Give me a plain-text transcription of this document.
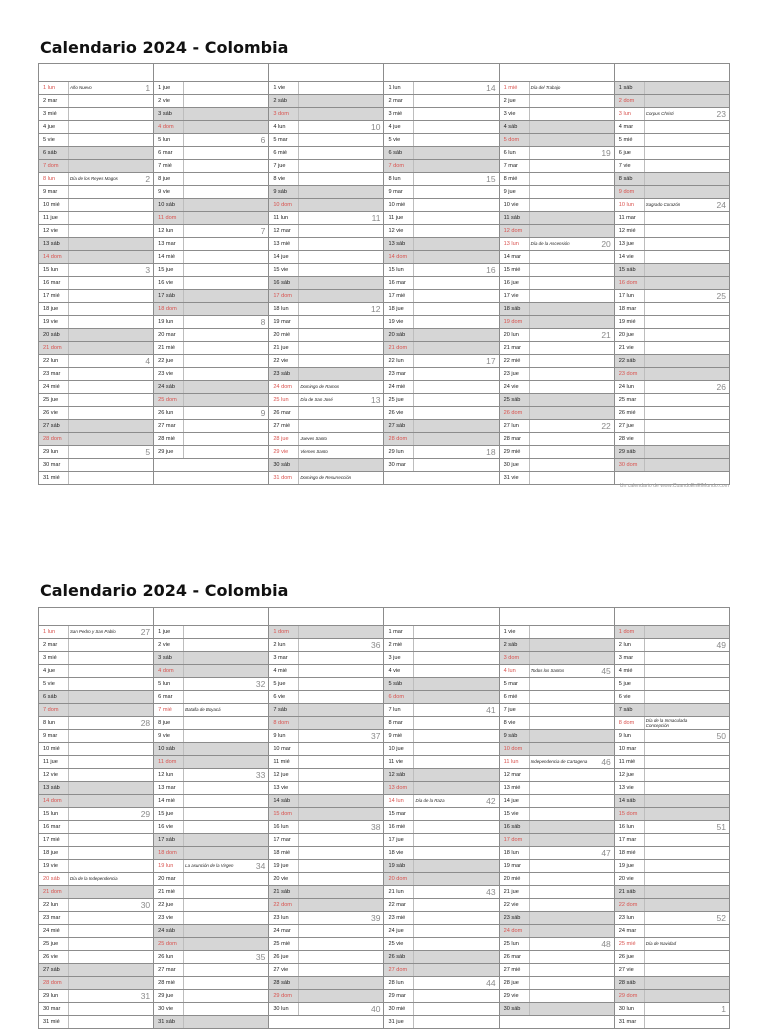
Calendario 2024 - Colombia

1 lun Año Nuevo 1	1 jue	1 vie	1 lun 14	1 mié Día del Trabajo	1 sáb

2 mar	2 vie	2 sáb	2 mar	2 jue	2 dom

3 mié	3 sáb	3 dom	3 mié	3 vie	3 lun Corpus Christi 23

4 jue	4 dom	4 lun 10	4 jue	4 sáb	4 mar

5 vie	5 lun 6	5 mar	5 vie	5 dom	5 mié

6 sáb	6 mar	6 mié	6 sáb	6 lun 19	6 jue

7 dom	7 mié	7 jue	7 dom	7 mar	7 vie

8 lun Día de los Reyes Magos 2	8 jue	8 vie	8 lun 15	8 mié	8 sáb

9 mar	9 vie	9 sáb	9 mar	9 jue	9 dom

10 mié	10 sáb	10 dom	10 mié	10 vie	10 lun Sagrado Corazón 24

11 jue	11 dom	11 lun 11	11 jue	11 sáb	11 mar

12 vie	12 lun 7	12 mar	12 vie	12 dom	12 mié

13 sáb	13 mar	13 mié	13 sáb	13 lun Día de la Ascensión 20	13 jue

14 dom	14 mié	14 jue	14 dom	14 mar	14 vie

15 lun 3	15 jue	15 vie	15 lun 16	15 mié	15 sáb

16 mar	16 vie	16 sáb	16 mar	16 jue	16 dom

17 mié	17 sáb	17 dom	17 mié	17 vie	17 lun 25

18 jue	18 dom	18 lun 12	18 jue	18 sáb	18 mar

19 vie	19 lun 8	19 mar	19 vie	19 dom	19 mié

20 sáb	20 mar	20 mié	20 sáb	20 lun 21	20 jue

21 dom	21 mié	21 jue	21 dom	21 mar	21 vie

22 lun 4	22 jue	22 vie	22 lun 17	22 mié	22 sáb

23 mar	23 vie	23 sáb	23 mar	23 jue	23 dom

24 mié	24 sáb	24 dom Domingo de Ramos	24 mié	24 vie	24 lun 26

25 jue	25 dom	25 lun Día de San José 13	25 jue	25 sáb	25 mar

26 vie	26 lun 9	26 mar	26 vie	26 dom	26 mié

27 sáb	27 mar	27 mié	27 sáb	27 lun 22	27 jue

28 dom	28 mié	28 jue Jueves Santo	28 dom	28 mar	28 vie

29 lun 5	29 jue	29 vie Viernes Santo	29 lun 18	29 mié	29 sáb

30 mar		30 sáb	30 mar	30 jue	30 dom

31 mié		31 dom Domingo de Resurrección		31 vie	

Un calendario de www.CuandoEnElMundo.com
Calendario 2024 - Colombia

1 lun San Pedro y San Pablo 27	1 jue	1 dom	1 mar	1 vie	1 dom

2 mar	2 vie	2 lun 36	2 mié	2 sáb	2 lun 49

3 mié	3 sáb	3 mar	3 jue	3 dom	3 mar

4 jue	4 dom	4 mié	4 vie	4 lun Todos los Santos 45	4 mié

5 vie	5 lun 32	5 jue	5 sáb	5 mar	5 jue

6 sáb	6 mar	6 vie	6 dom	6 mié	6 vie

7 dom	7 mié Batalla de Boyacá	7 sáb	7 lun 41	7 jue	7 sáb

8 lun 28	8 jue	8 dom	8 mar	8 vie	8 dom Día de la Inmaculada Concepción

9 mar	9 vie	9 lun 37	9 mié	9 sáb	9 lun 50

10 mié	10 sáb	10 mar	10 jue	10 dom	10 mar

11 jue	11 dom	11 mié	11 vie	11 lun Independencia de Cartagena 46	11 mié

12 vie	12 lun 33	12 jue	12 sáb	12 mar	12 jue

13 sáb	13 mar	13 vie	13 dom	13 mié	13 vie

14 dom	14 mié	14 sáb	14 lun Día de la Raza 42	14 jue	14 sáb

15 lun 29	15 jue	15 dom	15 mar	15 vie	15 dom

16 mar	16 vie	16 lun 38	16 mié	16 sáb	16 lun 51

17 mié	17 sáb	17 mar	17 jue	17 dom	17 mar

18 jue	18 dom	18 mié	18 vie	18 lun 47	18 mié

19 vie	19 lun La asunción de la Virgen 34	19 jue	19 sáb	19 mar	19 jue

20 sáb Día de la Independencia	20 mar	20 vie	20 dom	20 mié	20 vie

21 dom	21 mié	21 sáb	21 lun 43	21 jue	21 sáb

22 lun 30	22 jue	22 dom	22 mar	22 vie	22 dom

23 mar	23 vie	23 lun 39	23 mié	23 sáb	23 lun 52

24 mié	24 sáb	24 mar	24 jue	24 dom	24 mar

25 jue	25 dom	25 mié	25 vie	25 lun 48	25 mié Día de Navidad

26 vie	26 lun 35	26 jue	26 sáb	26 mar	26 jue

27 sáb	27 mar	27 vie	27 dom	27 mié	27 vie

28 dom	28 mié	28 sáb	28 lun 44	28 jue	28 sáb

29 lun 31	29 jue	29 dom	29 mar	29 vie	29 dom

30 mar	30 vie	30 lun 40	30 mié	30 sáb	30 lun 1

31 mié	31 sáb		31 jue		31 mar
